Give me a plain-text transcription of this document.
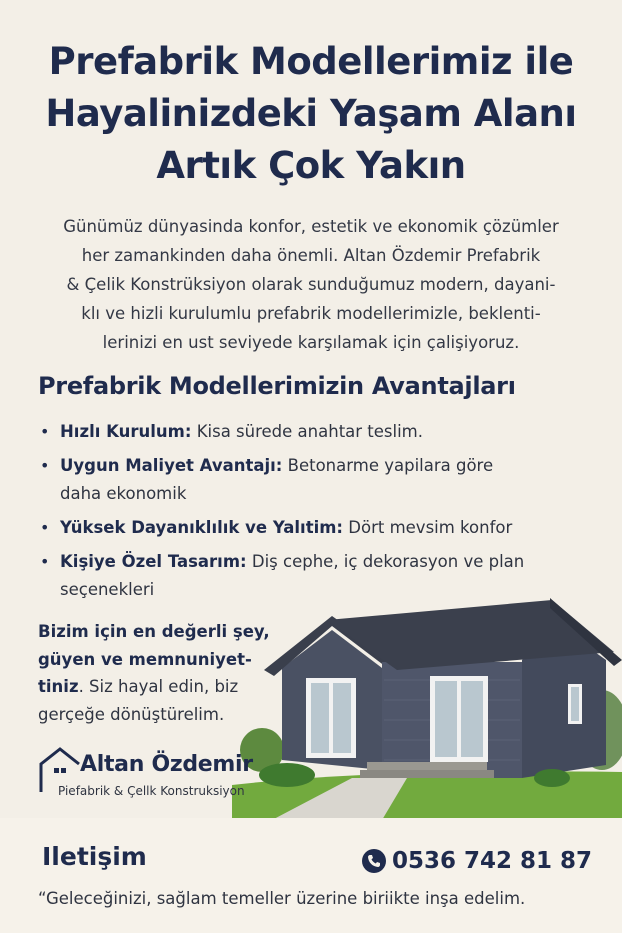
Prefabrik Modellerimiz ile
Hayalinizdeki Yaşam Alanı
Artık Çok Yakın
Günümüz dünyasinda konfor, estetik ve ekonomik çözümler
her zamankinden daha önemli. Altan Özdemir Prefabrik
& Çelik Konstrüksiyon olarak sunduğumuz modern, dayani-
klı ve hizli kurulumlu prefabrik modellerimizle, beklenti-
lerinizi en ust seviyede karşılamak için çalişiyoruz.
Prefabrik Modellerimizin Avantajları
• Hızlı Kurulum: Kisa sürede anahtar teslim.
• Uygun Maliyet Avantajı: Betonarme yapilara göre daha ekonomik
• Yüksek Dayanıklılık ve Yalıtim: Dört mevsim konfor
• Kişiye Özel Tasarım: Diş cephe, iç dekorasyon ve plan seçenekleri
Bizim için en değerli şey, güyen ve memnuniyet-tiniz. Siz hayal edin, biz gerçeğe dönüştürelim.
Altan Özdemir
Piefabrik & Çellk Konstruksiyon
Iletişim	0536 742 81 87
“Geleceğinizi, sağlam temeller üzerine biriikte inşa edelim.
